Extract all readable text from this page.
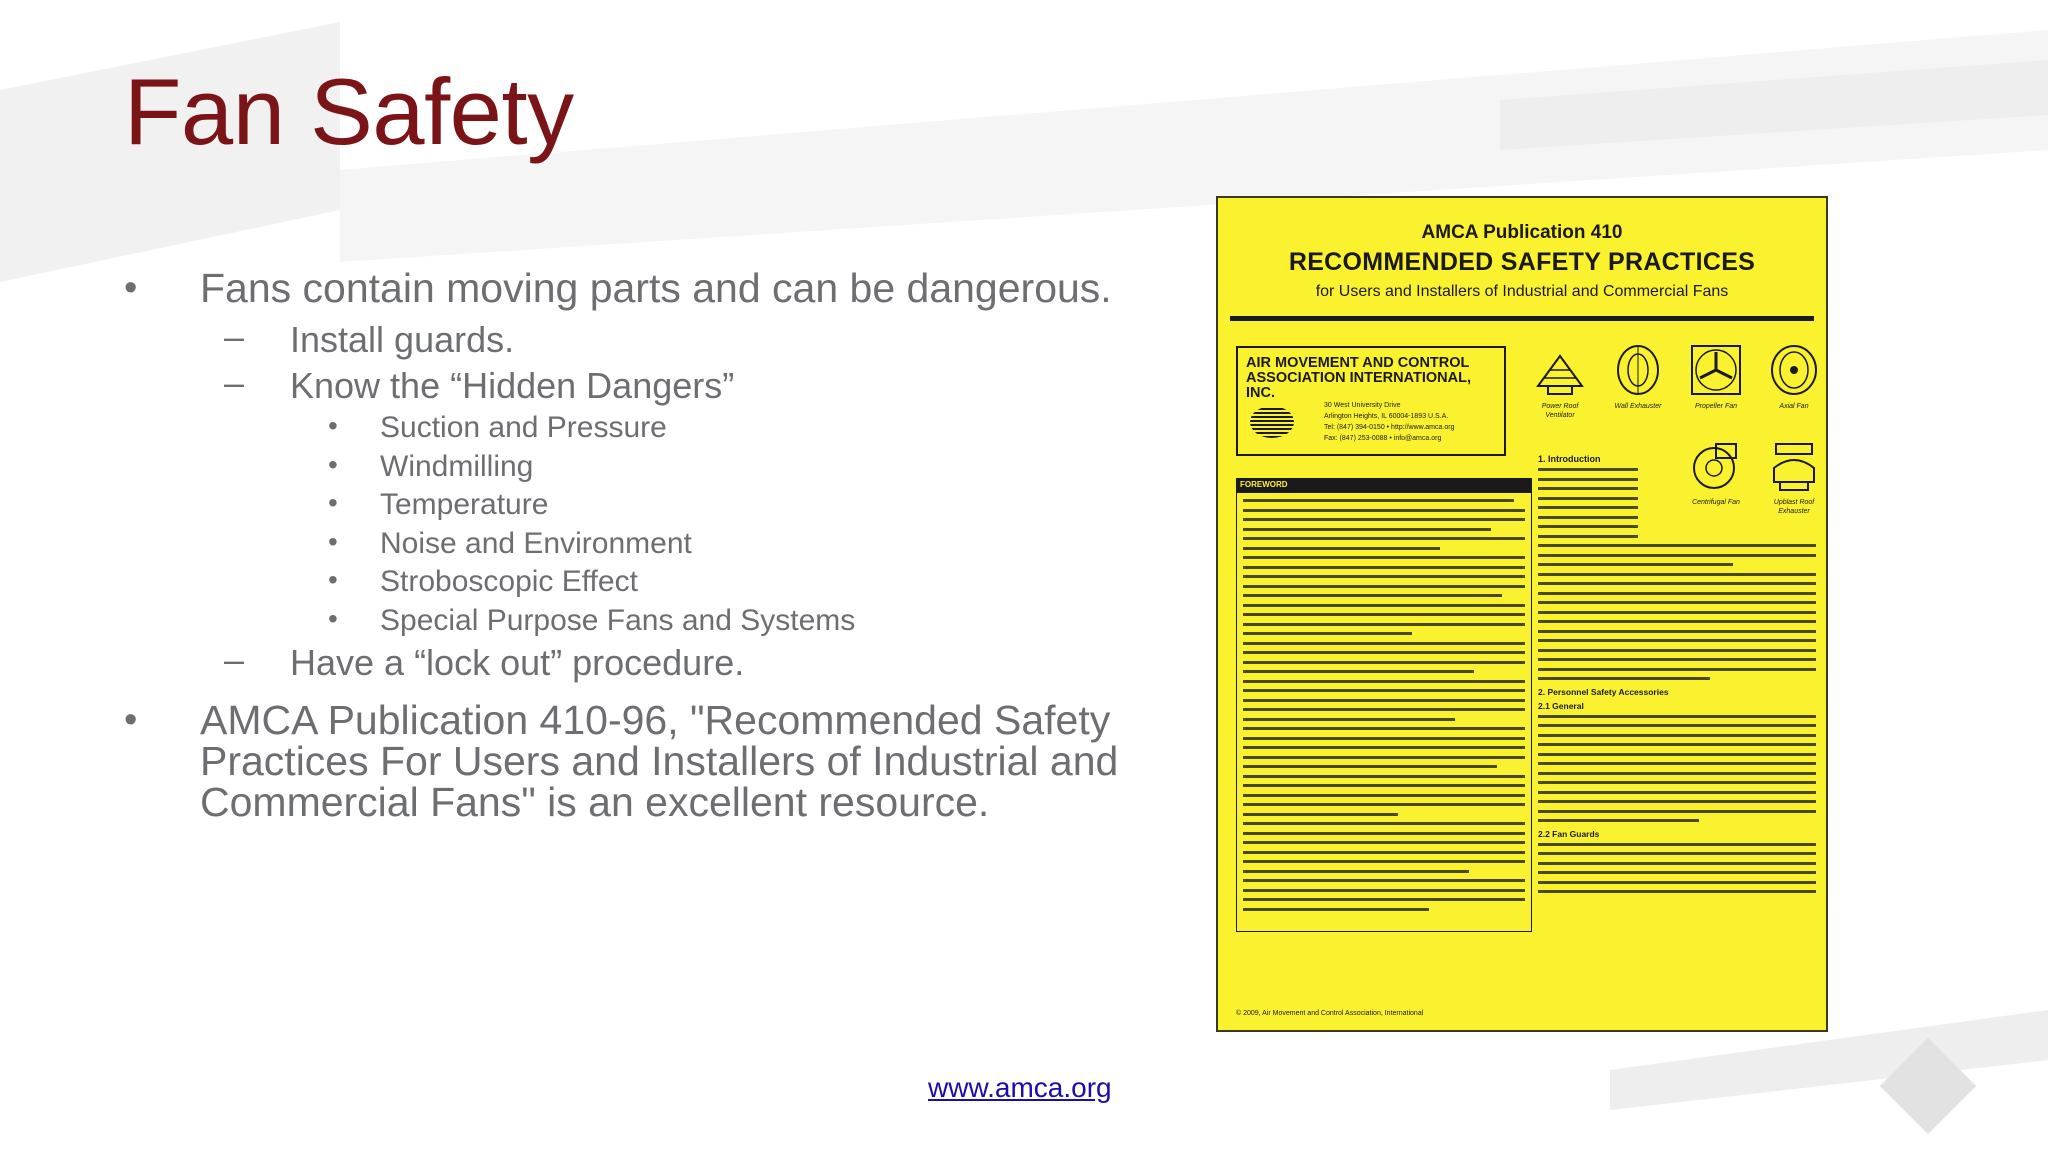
Fan Safety
• Fans contain moving parts and can be dangerous.
– Install guards.
– Know the “Hidden Dangers”
• Suction and Pressure
• Windmilling
• Temperature
• Noise and Environment
• Stroboscopic Effect
• Special Purpose Fans and Systems
– Have a “lock out” procedure.
• AMCA Publication 410-96, "Recommended Safety Practices For Users and Installers of Industrial and Commercial Fans" is an excellent resource.
AMCA Publication 410
RECOMMENDED SAFETY PRACTICES
for Users and Installers of Industrial and Commercial Fans
AIR MOVEMENT AND CONTROL ASSOCIATION INTERNATIONAL, INC.
30 West University Drive
Arlington Heights, IL 60004-1893 U.S.A.
Tel: (847) 394-0150 • http://www.amca.org
Fax: (847) 253-0088 • info@amca.org
FOREWORD
Power Roof Ventilator
Wall Exhauster	Propeller Fan	Axial Fan
Centrifugal Fan	Upblast Roof Exhauster
1. Introduction
2. Personnel Safety Accessories
2.1 General
2.2 Fan Guards
© 2009, Air Movement and Control Association, International
www.amca.org
